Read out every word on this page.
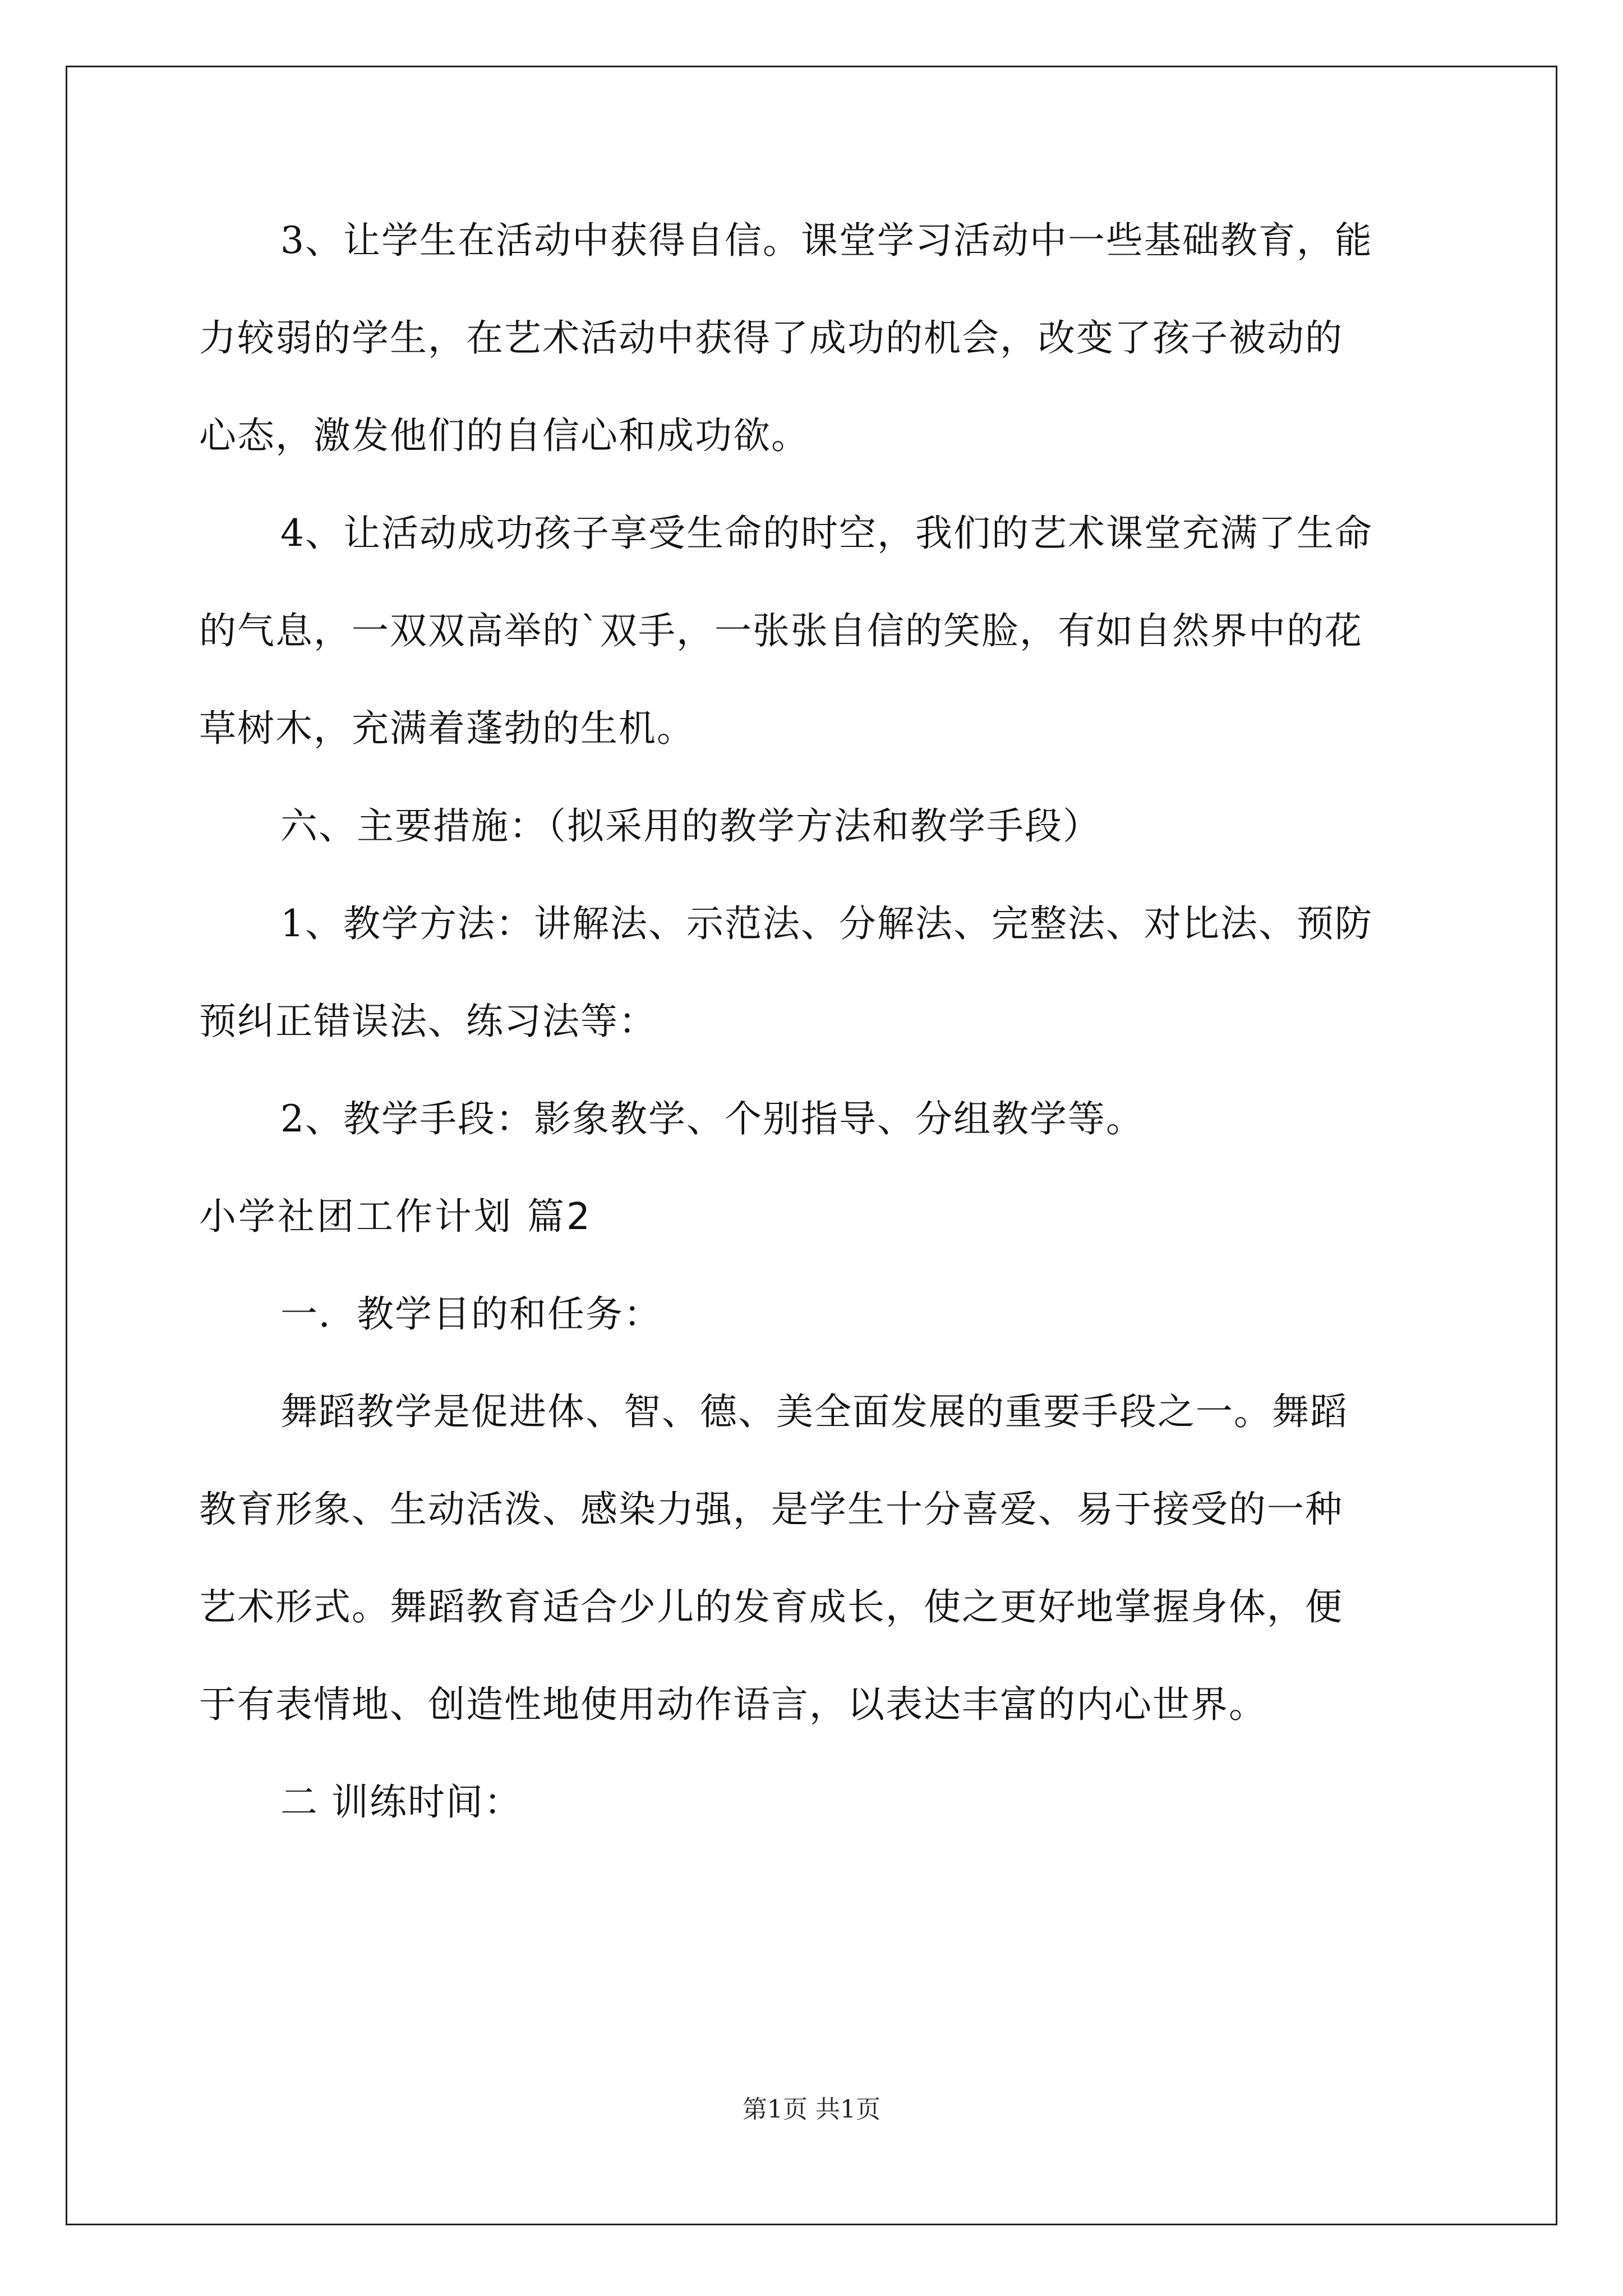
3、让学生在活动中获得自信。课堂学习活动中一些基础教育，能

力较弱的学生，在艺术活动中获得了成功的机会，改变了孩子被动的

心态，激发他们的自信心和成功欲。

4、让活动成功孩子享受生命的时空，我们的艺术课堂充满了生命

的气息，一双双高举的`双手，一张张自信的笑脸，有如自然界中的花

草树木，充满着蓬勃的生机。

六、主要措施：（拟采用的教学方法和教学手段）

1、教学方法：讲解法、示范法、分解法、完整法、对比法、预防

预纠正错误法、练习法等：

2、教学手段：影象教学、个别指导、分组教学等。

小学社团工作计划 篇2

一．教学目的和任务：

舞蹈教学是促进体、智、德、美全面发展的重要手段之一。舞蹈

教育形象、生动活泼、感染力强，是学生十分喜爱、易于接受的一种

艺术形式。舞蹈教育适合少儿的发育成长，使之更好地掌握身体，便

于有表情地、创造性地使用动作语言，以表达丰富的内心世界。

二 训练时间：

第1页 共1页
